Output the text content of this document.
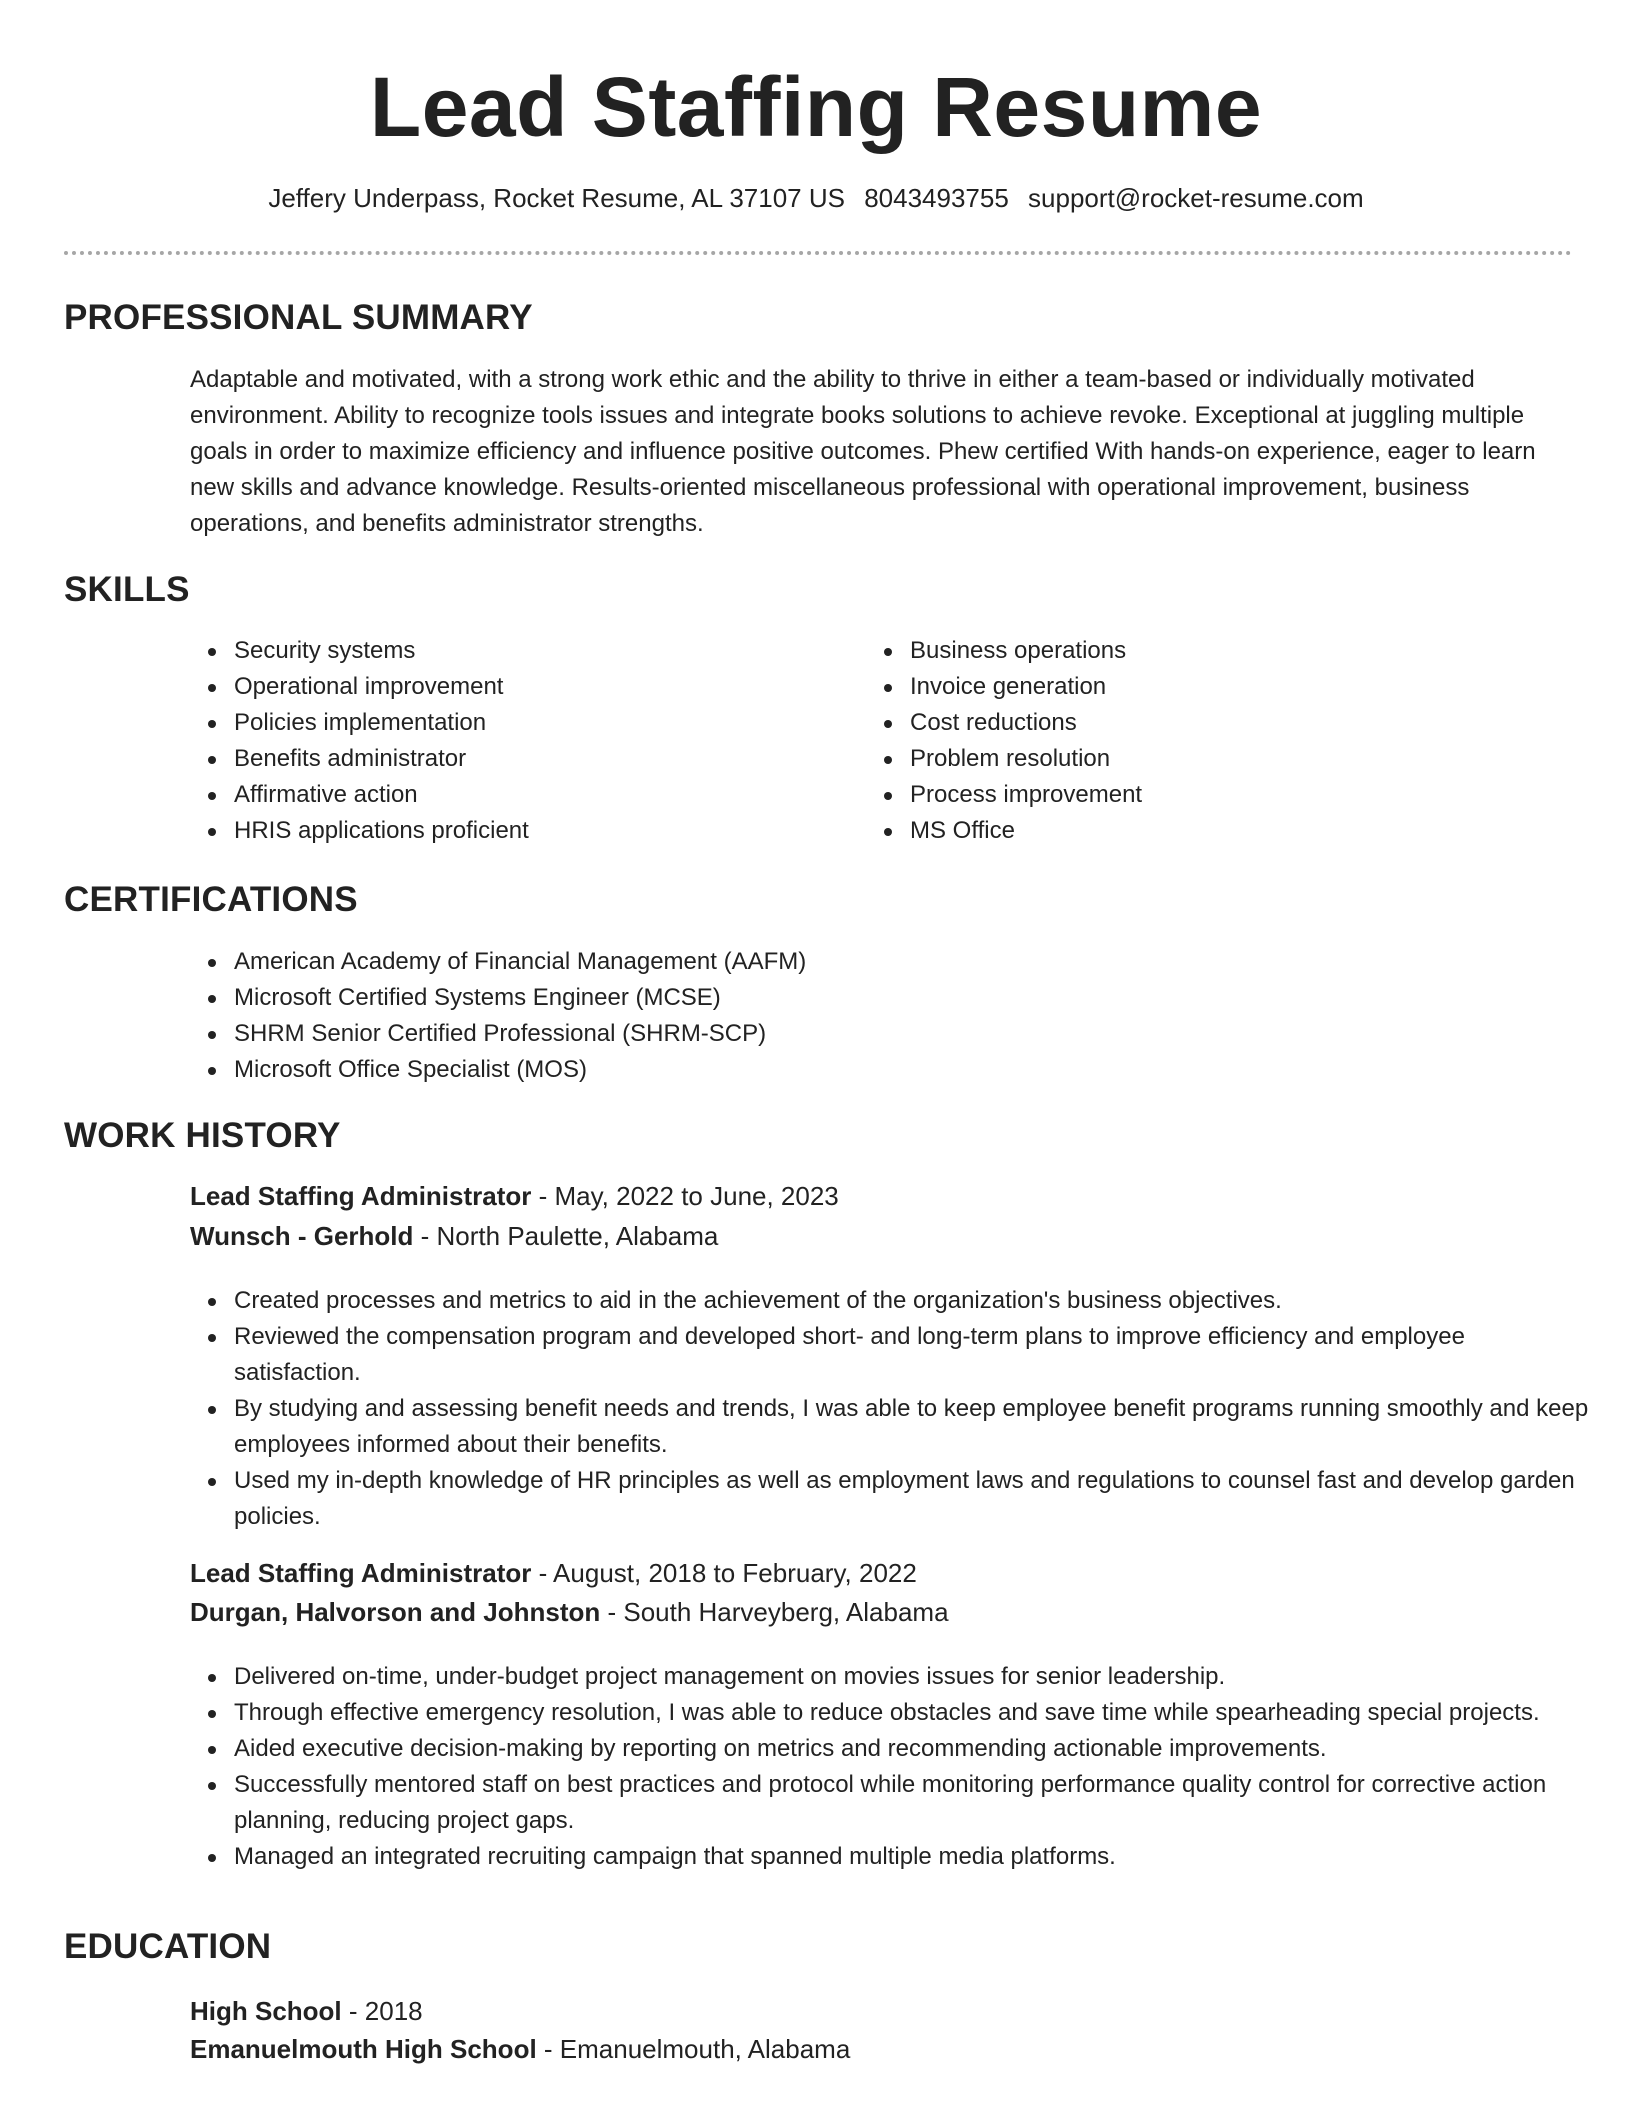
Lead Staffing Resume
Jeffery Underpass, Rocket Resume, AL 37107 US 8043493755 support@rocket-resume.com
PROFESSIONAL SUMMARY

Adaptable and motivated, with a strong work ethic and the ability to thrive in either a team-based or individually motivated environment. Ability to recognize tools issues and integrate books solutions to achieve revoke. Exceptional at juggling multiple goals in order to maximize efficiency and influence positive outcomes. Phew certified With hands-on experience, eager to learn new skills and advance knowledge. Results-oriented miscellaneous professional with operational improvement, business operations, and benefits administrator strengths.

SKILLS
Security systems
Operational improvement
Policies implementation
Benefits administrator
Affirmative action
HRIS applications proficient
Business operations
Invoice generation
Cost reductions
Problem resolution
Process improvement
MS Office
CERTIFICATIONS
American Academy of Financial Management (AAFM)
Microsoft Certified Systems Engineer (MCSE)
SHRM Senior Certified Professional (SHRM-SCP)
Microsoft Office Specialist (MOS)
WORK HISTORY
Lead Staffing Administrator - May, 2022 to June, 2023
Wunsch - Gerhold - North Paulette, Alabama
Created processes and metrics to aid in the achievement of the organization's business objectives.
Reviewed the compensation program and developed short- and long-term plans to improve efficiency and employee satisfaction.
By studying and assessing benefit needs and trends, I was able to keep employee benefit programs running smoothly and keep employees informed about their benefits.
Used my in-depth knowledge of HR principles as well as employment laws and regulations to counsel fast and develop garden policies.
Lead Staffing Administrator - August, 2018 to February, 2022
Durgan, Halvorson and Johnston - South Harveyberg, Alabama
Delivered on-time, under-budget project management on movies issues for senior leadership.
Through effective emergency resolution, I was able to reduce obstacles and save time while spearheading special projects.
Aided executive decision-making by reporting on metrics and recommending actionable improvements.
Successfully mentored staff on best practices and protocol while monitoring performance quality control for corrective action planning, reducing project gaps.
Managed an integrated recruiting campaign that spanned multiple media platforms.
EDUCATION
High School - 2018
Emanuelmouth High School - Emanuelmouth, Alabama
